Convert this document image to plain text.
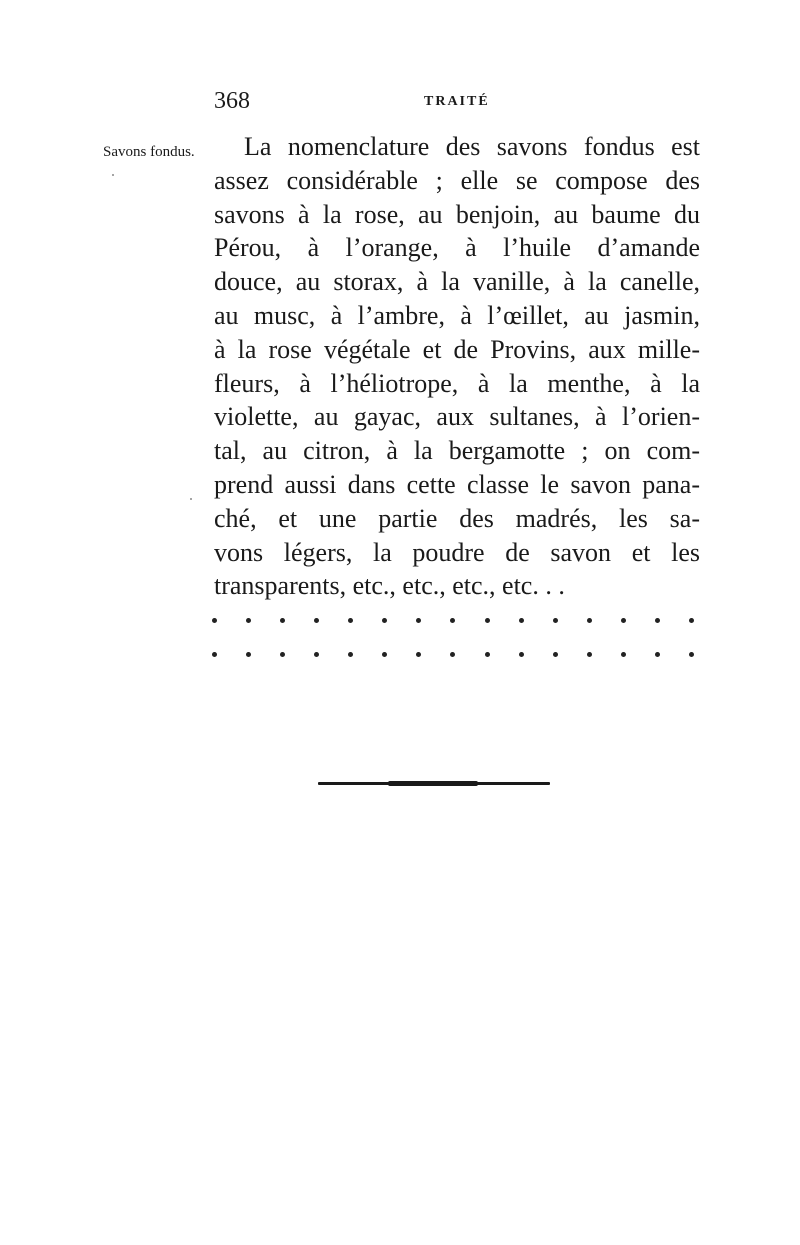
368	TRAITÉ
Savons fondus.	La nomenclature des savons fondus est
assez considérable ; elle se compose des
savons à la rose, au benjoin, au baume du
Pérou, à l’orange, à l’huile d’amande
douce, au storax, à la vanille, à la canelle,
au musc, à l’ambre, à l’œillet, au jasmin,
à la rose végétale et de Provins, aux mille-
fleurs, à l’héliotrope, à la menthe, à la
violette, au gayac, aux sultanes, à l’orien-
tal, au citron, à la bergamotte ; on com-
prend aussi dans cette classe le savon pana-
ché, et une partie des madrés, les sa-
vons légers, la poudre de savon et les
transparents, etc., etc., etc., etc. . .
